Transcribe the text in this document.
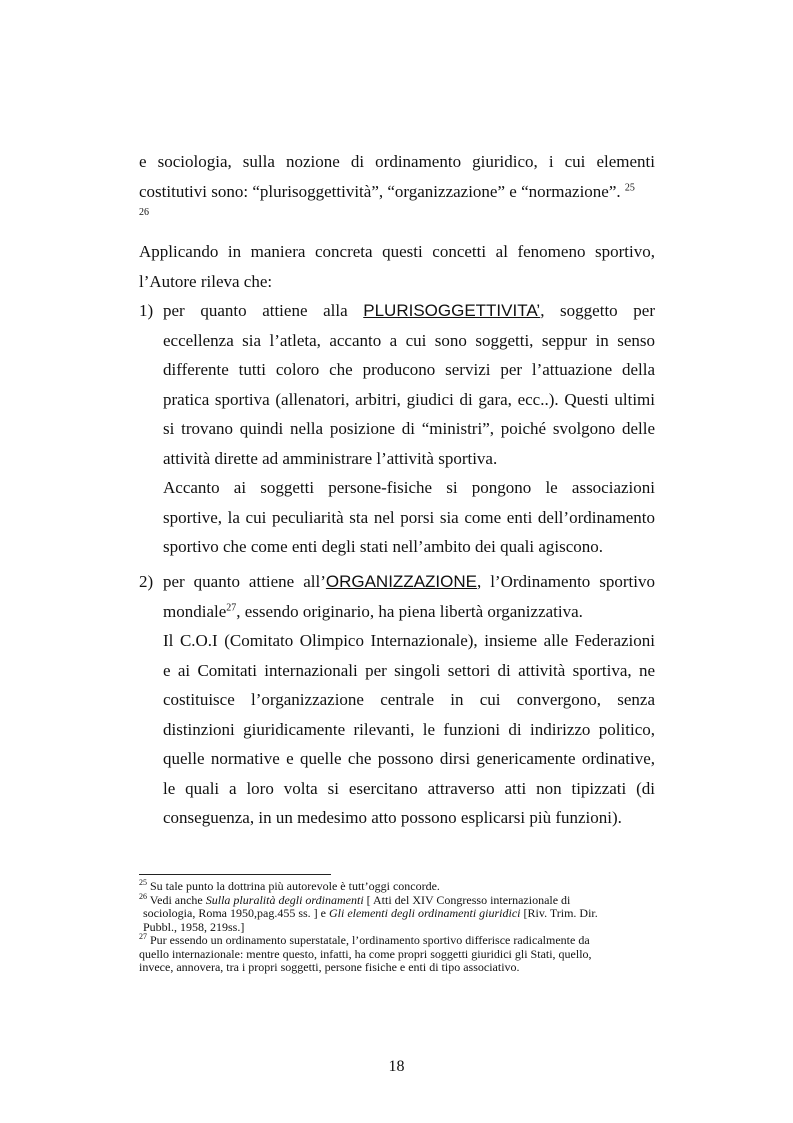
e sociologia, sulla nozione di ordinamento giuridico, i cui elementi
costitutivi sono: “plurisoggettività”, “organizzazione” e “normazione”. $^{25}$
26
Applicando in maniera concreta questi concetti al fenomeno sportivo,
l’Autore rileva che:
1) per quanto attiene alla PLURISOGGETTIVITA’, soggetto per
eccellenza sia l’atleta, accanto a cui sono soggetti, seppur in senso
differente tutti coloro che producono servizi per l’attuazione della
pratica sportiva (allenatori, arbitri, giudici di gara, ecc..). Questi ultimi
si trovano quindi nella posizione di “ministri”, poiché svolgono delle
attività dirette ad amministrare l’attività sportiva.
Accanto ai soggetti persone-fisiche si pongono le associazioni
sportive, la cui peculiarità sta nel porsi sia come enti dell’ordinamento
sportivo che come enti degli stati nell’ambito dei quali agiscono.
2) per quanto attiene all’ORGANIZZAZIONE, l’Ordinamento sportivo
mondiale$^{27}$, essendo originario, ha piena libertà organizzativa.
Il C.O.I (Comitato Olimpico Internazionale), insieme alle Federazioni
e ai Comitati internazionali per singoli settori di attività sportiva, ne
costituisce l’organizzazione centrale in cui convergono, senza
distinzioni giuridicamente rilevanti, le funzioni di indirizzo politico,
quelle normative e quelle che possono dirsi genericamente ordinative,
le quali a loro volta si esercitano attraverso atti non tipizzati (di
conseguenza, in un medesimo atto possono esplicarsi più funzioni).

$^{25}$ Su tale punto la dottrina più autorevole è tutt’oggi concorde.

$^{26}$ Vedi anche Sulla pluralità degli ordinamenti [ Atti del XIV Congresso internazionale di
sociologia, Roma 1950,pag.455 ss. ] e Gli elementi degli ordinamenti giuridici [Riv. Trim. Dir.
Pubbl., 1958, 219ss.]

$^{27}$ Pur essendo un ordinamento superstatale, l’ordinamento sportivo differisce radicalmente da
quello internazionale: mentre questo, infatti, ha come propri soggetti giuridici gli Stati, quello,
invece, annovera, tra i propri soggetti, persone fisiche e enti di tipo associativo.

18
